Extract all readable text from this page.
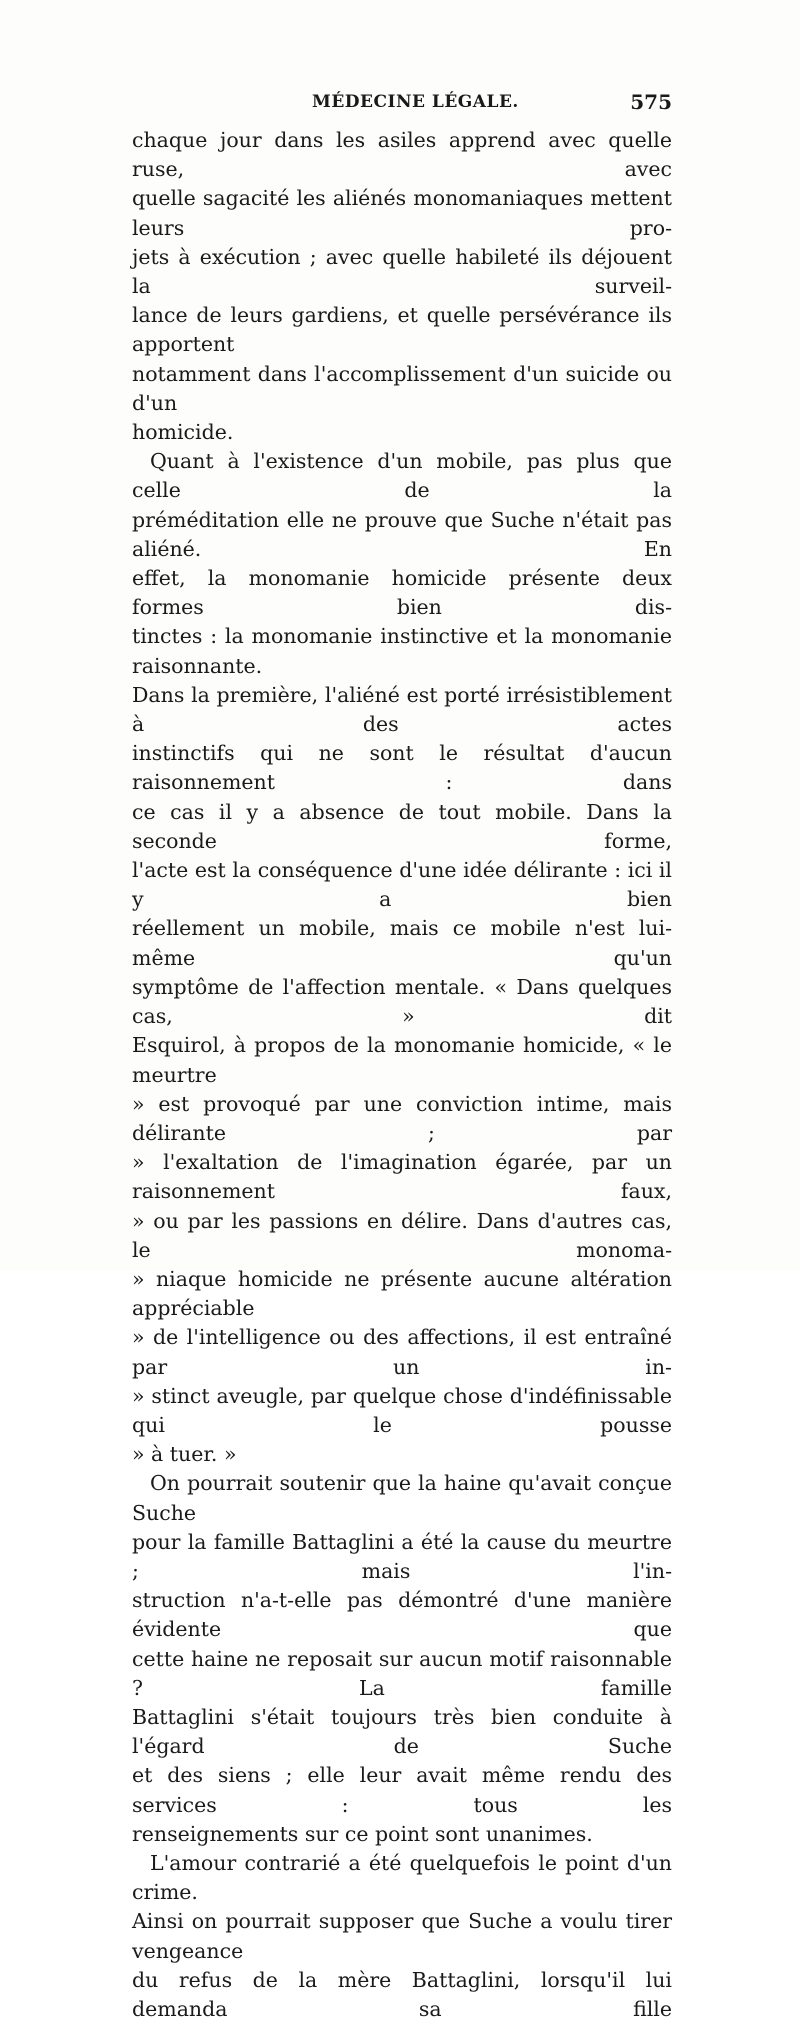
MÉDECINE LÉGALE.	575

chaque jour dans les asiles apprend avec quelle ruse, avec

quelle sagacité les aliénés monomaniaques mettent leurs pro-

jets à exécution ; avec quelle habileté ils déjouent la surveil-

lance de leurs gardiens, et quelle persévérance ils apportent

notamment dans l'accomplissement d'un suicide ou d'un

homicide.

Quant à l'existence d'un mobile, pas plus que celle de la

préméditation elle ne prouve que Suche n'était pas aliéné. En

effet, la monomanie homicide présente deux formes bien dis-

tinctes : la monomanie instinctive et la monomanie raisonnante.

Dans la première, l'aliéné est porté irrésistiblement à des actes

instinctifs qui ne sont le résultat d'aucun raisonnement : dans

ce cas il y a absence de tout mobile. Dans la seconde forme,

l'acte est la conséquence d'une idée délirante : ici il y a bien

réellement un mobile, mais ce mobile n'est lui-même qu'un

symptôme de l'affection mentale. « Dans quelques cas, » dit

Esquirol, à propos de la monomanie homicide, « le meurtre

» est provoqué par une conviction intime, mais délirante ; par

» l'exaltation de l'imagination égarée, par un raisonnement faux,

» ou par les passions en délire. Dans d'autres cas, le monoma-

» niaque homicide ne présente aucune altération appréciable

» de l'intelligence ou des affections, il est entraîné par un in-

» stinct aveugle, par quelque chose d'indéfinissable qui le pousse

» à tuer. »

On pourrait soutenir que la haine qu'avait conçue Suche

pour la famille Battaglini a été la cause du meurtre ; mais l'in-

struction n'a-t-elle pas démontré d'une manière évidente que

cette haine ne reposait sur aucun motif raisonnable ? La famille

Battaglini s'était toujours très bien conduite à l'égard de Suche

et des siens ; elle leur avait même rendu des services : tous les

renseignements sur ce point sont unanimes.

L'amour contrarié a été quelquefois le point d'un crime.

Ainsi on pourrait supposer que Suche a voulu tirer vengeance

du refus de la mère Battaglini, lorsqu'il lui demanda sa fille
